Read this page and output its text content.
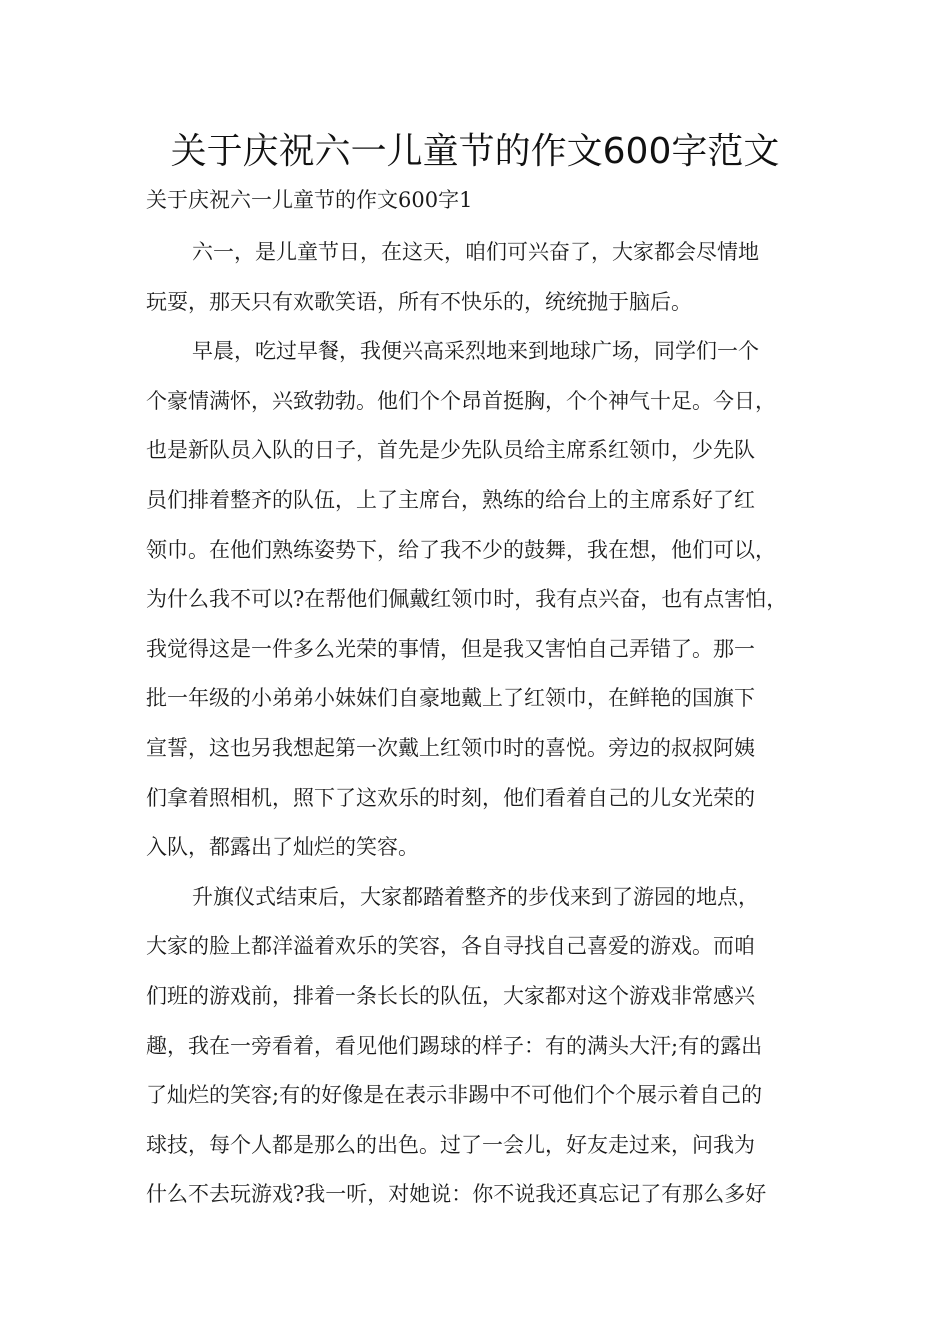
关于庆祝六一儿童节的作文600字范文

关于庆祝六一儿童节的作文600字1

六一，是儿童节日，在这天，咱们可兴奋了，大家都会尽情地
玩耍，那天只有欢歌笑语，所有不快乐的，统统抛于脑后。

早晨，吃过早餐，我便兴高采烈地来到地球广场，同学们一个
个豪情满怀，兴致勃勃。他们个个昂首挺胸，个个神气十足。今日，
也是新队员入队的日子，首先是少先队员给主席系红领巾，少先队
员们排着整齐的队伍，上了主席台，熟练的给台上的主席系好了红
领巾。在他们熟练姿势下，给了我不少的鼓舞，我在想，他们可以，
为什么我不可以?在帮他们佩戴红领巾时，我有点兴奋，也有点害怕，
我觉得这是一件多么光荣的事情，但是我又害怕自己弄错了。那一
批一年级的小弟弟小妹妹们自豪地戴上了红领巾，在鲜艳的国旗下
宣誓，这也另我想起第一次戴上红领巾时的喜悦。旁边的叔叔阿姨
们拿着照相机，照下了这欢乐的时刻，他们看着自己的儿女光荣的
入队，都露出了灿烂的笑容。

升旗仪式结束后，大家都踏着整齐的步伐来到了游园的地点，
大家的脸上都洋溢着欢乐的笑容，各自寻找自己喜爱的游戏。而咱
们班的游戏前，排着一条长长的队伍，大家都对这个游戏非常感兴
趣，我在一旁看着，看见他们踢球的样子：有的满头大汗;有的露出
了灿烂的笑容;有的好像是在表示非踢中不可他们个个展示着自己的
球技，每个人都是那么的出色。过了一会儿，好友走过来，问我为
什么不去玩游戏?我一听，对她说：你不说我还真忘记了有那么多好
